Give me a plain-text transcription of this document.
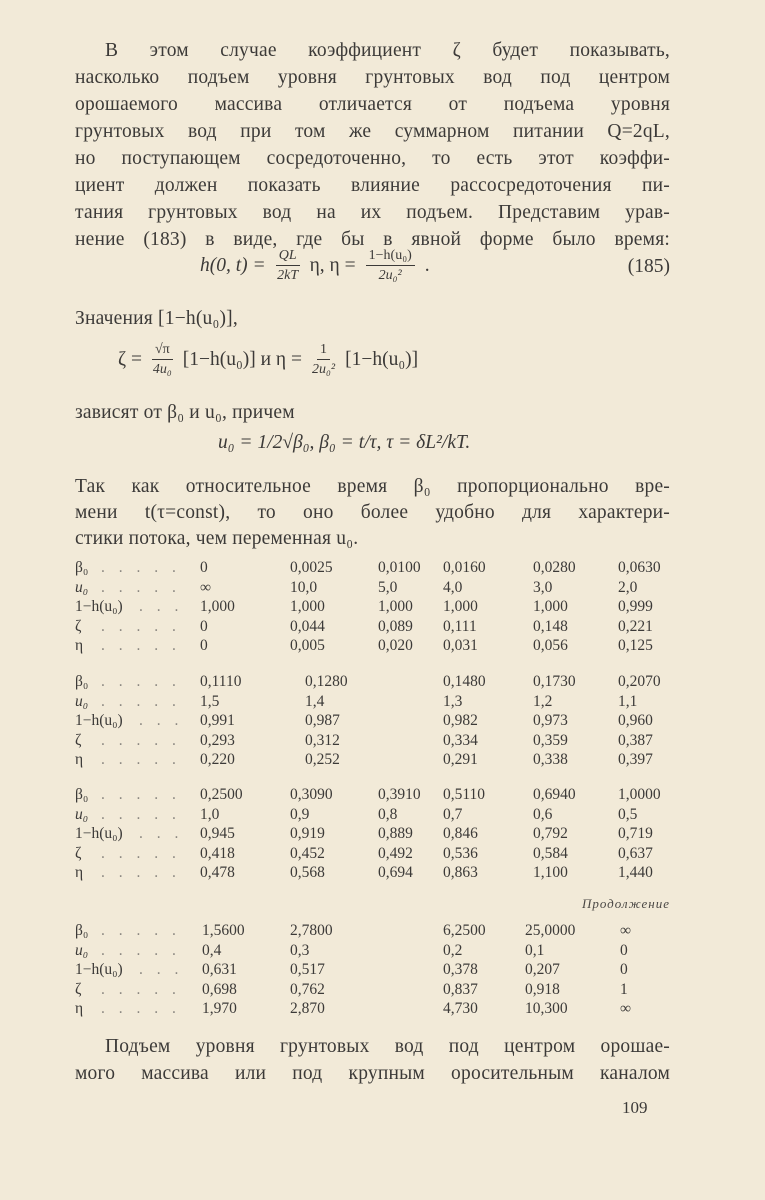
В этом случае коэффициент ζ будет показывать,
насколько подъем уровня грунтовых вод под центром
орошаемого массива отличается от подъема уровня
грунтовых вод при том же суммарном питании Q=2qL,
но поступающем сосредоточенно, то есть этот коэффи-
циент должен показать влияние рассосредоточения пи-
тания грунтовых вод на их подъем. Представим урав-
нение (183) в виде, где бы в явной форме было время:
h(0, $t) = \frac{QL}{2kT} \eta$, $\eta = \frac{\text{1−h(u₀)}}{\text{2u₀²}}$ .	(185)
Значения [1−h(u₀)],
$\zeta = \frac{√\pi}{\text{4u₀}} [1-h(u_0)]$ и $\eta = \frac{1}{\text{2u₀²}} [1-h(u_0)]$
зависят от β₀ и u₀, причем
u₀ = 1/2√β₀, β₀ = t/τ, τ = δL²/kT.
Так как относительное время β₀ пропорционально вре-
мени t(τ=const), то оно более удобно для характери-
стики потока, чем переменная u₀.
β₀ . . . . . 0	0,0025	0,0100 0,0160	0,0280	0,0630
u₀ . . . . . ∞	10,0	5,0	4,0	3,0	2,0
1−h(u₀) . . . 1,000	1,000	1,000 1,000	1,000	0,999
ζ . . . . . 0	0,044	0,089 0,111	0,148	0,221
η . . . . . 0	0,005	0,020 0,031	0,056	0,125
β₀ . . . . . 0,1110	0,1280	0,1480	0,1730	0,2070
u₀ . . . . . 1,5	1,4	1,3	1,2	1,1
1−h(u₀) . . . 0,991	0,987	0,982	0,973	0,960
ζ . . . . . 0,293	0,312	0,334	0,359	0,387
η . . . . . 0,220	0,252	0,291	0,338	0,397
β₀ . . . . . 0,2500	0,3090	0,3910 0,5110	0,6940	1,0000
u₀ . . . . . 1,0	0,9	0,8	0,7	0,6	0,5
1−h(u₀) . . . 0,945	0,919	0,889 0,846	0,792	0,719
ζ . . . . . 0,418	0,452	0,492 0,536	0,584	0,637
η . . . . . 0,478	0,568	0,694 0,863	1,100	1,440
β₀ . . . . . 1,5600	2,7800	6,2500	25,0000	∞
u₀ . . . . . 0,4	0,3	0,2	0,1	0
1−h(u₀) . . . 0,631	0,517	0,378	0,207	0
ζ . . . . . 0,698	0,762	0,837	0,918	1
η . . . . . 1,970	2,870	4,730	10,300	∞
Продолжение
Подъем уровня грунтовых вод под центром орошае-
мого массива или под крупным оросительным каналом
109
